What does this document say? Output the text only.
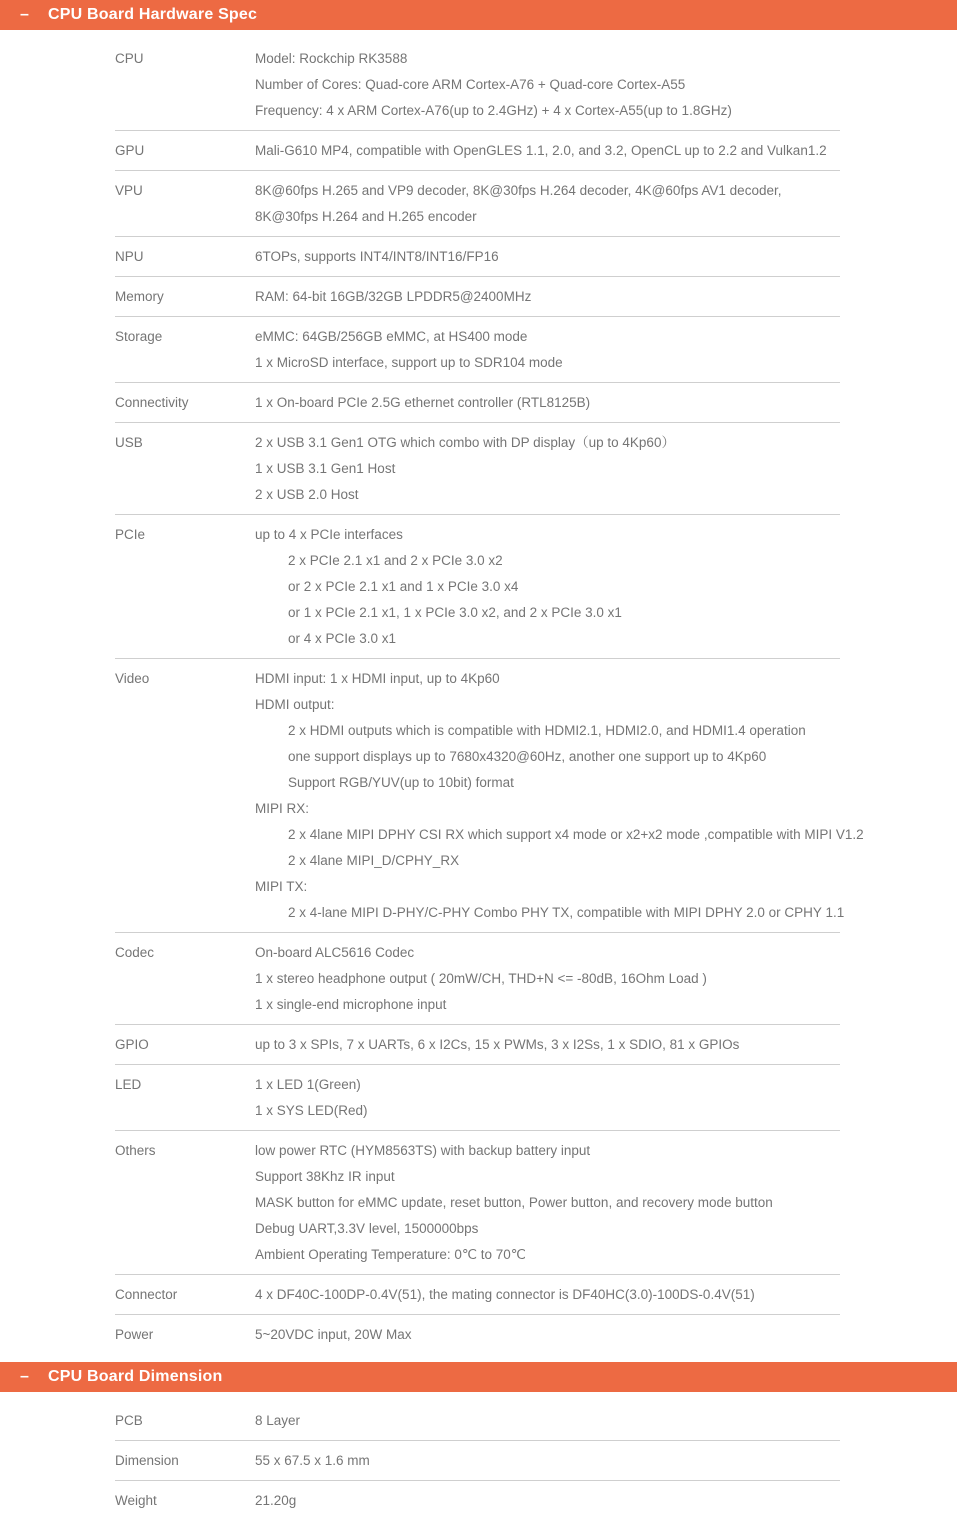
–	CPU Board Hardware Spec
CPU	Model: Rockchip RK3588
Number of Cores: Quad-core ARM Cortex-A76 + Quad-core Cortex-A55
Frequency: 4 x ARM Cortex-A76(up to 2.4GHz) + 4 x Cortex-A55(up to 1.8GHz)
GPU	Mali-G610 MP4, compatible with OpenGLES 1.1, 2.0, and 3.2, OpenCL up to 2.2 and Vulkan1.2
VPU	8K@60fps H.265 and VP9 decoder, 8K@30fps H.264 decoder, 4K@60fps AV1 decoder,
8K@30fps H.264 and H.265 encoder
NPU	6TOPs, supports INT4/INT8/INT16/FP16
Memory	RAM: 64-bit 16GB/32GB LPDDR5@2400MHz
Storage	eMMC: 64GB/256GB eMMC, at HS400 mode
1 x MicroSD interface, support up to SDR104 mode
Connectivity	1 x On-board PCIe 2.5G ethernet controller (RTL8125B)
USB	2 x USB 3.1 Gen1 OTG which combo with DP display（up to 4Kp60）
1 x USB 3.1 Gen1 Host
2 x USB 2.0 Host
PCIe	up to 4 x PCIe interfaces
2 x PCIe 2.1 x1 and 2 x PCIe 3.0 x2
or 2 x PCIe 2.1 x1 and 1 x PCIe 3.0 x4
or 1 x PCIe 2.1 x1, 1 x PCIe 3.0 x2, and 2 x PCIe 3.0 x1
or 4 x PCIe 3.0 x1
Video	HDMI input: 1 x HDMI input, up to 4Kp60
HDMI output:
2 x HDMI outputs which is compatible with HDMI2.1, HDMI2.0, and HDMI1.4 operation
one support displays up to 7680x4320@60Hz, another one support up to 4Kp60
Support RGB/YUV(up to 10bit) format
MIPI RX:
2 x 4lane MIPI DPHY CSI RX which support x4 mode or x2+x2 mode ,compatible with MIPI V1.2
2 x 4lane MIPI_D/CPHY_RX
MIPI TX:
2 x 4-lane MIPI D-PHY/C-PHY Combo PHY TX, compatible with MIPI DPHY 2.0 or CPHY 1.1
Codec	On-board ALC5616 Codec
1 x stereo headphone output ( 20mW/CH, THD+N <= -80dB, 16Ohm Load )
1 x single-end microphone input
GPIO	up to 3 x SPIs, 7 x UARTs, 6 x I2Cs, 15 x PWMs, 3 x I2Ss, 1 x SDIO, 81 x GPIOs
LED	1 x LED 1(Green)
1 x SYS LED(Red)
Others	low power RTC (HYM8563TS) with backup battery input
Support 38Khz IR input
MASK button for eMMC update, reset button, Power button, and recovery mode button
Debug UART,3.3V level, 1500000bps
Ambient Operating Temperature: 0℃ to 70℃
Connector	4 x DF40C-100DP-0.4V(51), the mating connector is DF40HC(3.0)-100DS-0.4V(51)
Power	5~20VDC input, 20W Max
–	CPU Board Dimension
PCB	8 Layer
Dimension	55 x 67.5 x 1.6 mm
Weight	21.20g
